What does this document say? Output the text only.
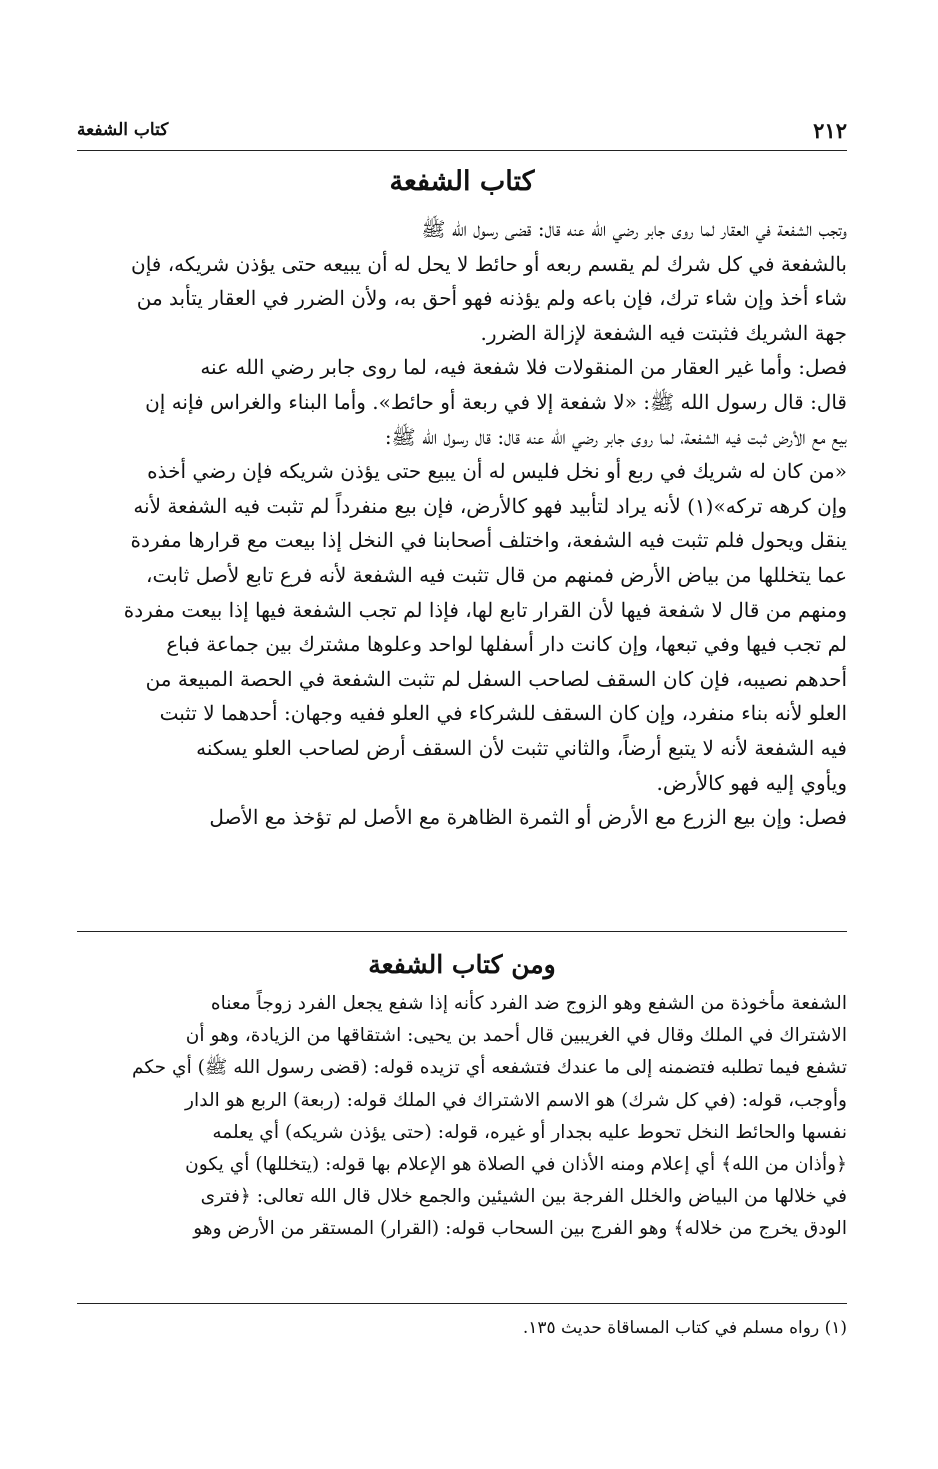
٢١٢
كتاب الشفعة
كتاب الشفعة

وتجب الشفعة في العقار لما روى جابر رضي الله عنه قال: قضى رسول الله ﷺ

بالشفعة في كل شرك لم يقسم ربعه أو حائط لا يحل له أن يبيعه حتى يؤذن شريكه، فإن

شاء أخذ وإن شاء ترك، فإن باعه ولم يؤذنه فهو أحق به، ولأن الضرر في العقار يتأبد من

جهة الشريك فثبتت فيه الشفعة لإزالة الضرر.

فصل: وأما غير العقار من المنقولات فلا شفعة فيه، لما روى جابر رضي الله عنه

قال: قال رسول الله ﷺ: «لا شفعة إلا في ربعة أو حائط». وأما البناء والغراس فإنه إن

بيع مع الأرض ثبت فيه الشفعة، لما روى جابر رضي الله عنه قال: قال رسول الله ﷺ:

«من كان له شريك في ربع أو نخل فليس له أن يبيع حتى يؤذن شريكه فإن رضي أخذه

وإن كرهه تركه»(١) لأنه يراد لتأبيد فهو كالأرض، فإن بيع منفرداً لم تثبت فيه الشفعة لأنه

ينقل ويحول فلم تثبت فيه الشفعة، واختلف أصحابنا في النخل إذا بيعت مع قرارها مفردة

عما يتخللها من بياض الأرض فمنهم من قال تثبت فيه الشفعة لأنه فرع تابع لأصل ثابت،

ومنهم من قال لا شفعة فيها لأن القرار تابع لها، فإذا لم تجب الشفعة فيها إذا بيعت مفردة

لم تجب فيها وفي تبعها، وإن كانت دار أسفلها لواحد وعلوها مشترك بين جماعة فباع

أحدهم نصيبه، فإن كان السقف لصاحب السفل لم تثبت الشفعة في الحصة المبيعة من

العلو لأنه بناء منفرد، وإن كان السقف للشركاء في العلو ففيه وجهان: أحدهما لا تثبت

فيه الشفعة لأنه لا يتبع أرضاً، والثاني تثبت لأن السقف أرض لصاحب العلو يسكنه

ويأوي إليه فهو كالأرض.

فصل: وإن بيع الزرع مع الأرض أو الثمرة الظاهرة مع الأصل لم تؤخذ مع الأصل

ومن كتاب الشفعة

الشفعة مأخوذة من الشفع وهو الزوج ضد الفرد كأنه إذا شفع يجعل الفرد زوجاً معناه

الاشتراك في الملك وقال في الغريبين قال أحمد بن يحيى: اشتقاقها من الزيادة، وهو أن

تشفع فيما تطلبه فتضمنه إلى ما عندك فتشفعه أي تزيده قوله: (قضى رسول الله ﷺ) أي حكم

وأوجب، قوله: (في كل شرك) هو الاسم الاشتراك في الملك قوله: (ربعة) الربع هو الدار

نفسها والحائط النخل تحوط عليه بجدار أو غيره، قوله: (حتى يؤذن شريكه) أي يعلمه

﴿وأذان من الله﴾ أي إعلام ومنه الأذان في الصلاة هو الإعلام بها قوله: (يتخللها) أي يكون

في خلالها من البياض والخلل الفرجة بين الشيئين والجمع خلال قال الله تعالى: ﴿فترى

الودق يخرج من خلاله﴾ وهو الفرج بين السحاب قوله: (القرار) المستقر من الأرض وهو

(١) رواه مسلم في كتاب المساقاة حديث ١٣٥.
